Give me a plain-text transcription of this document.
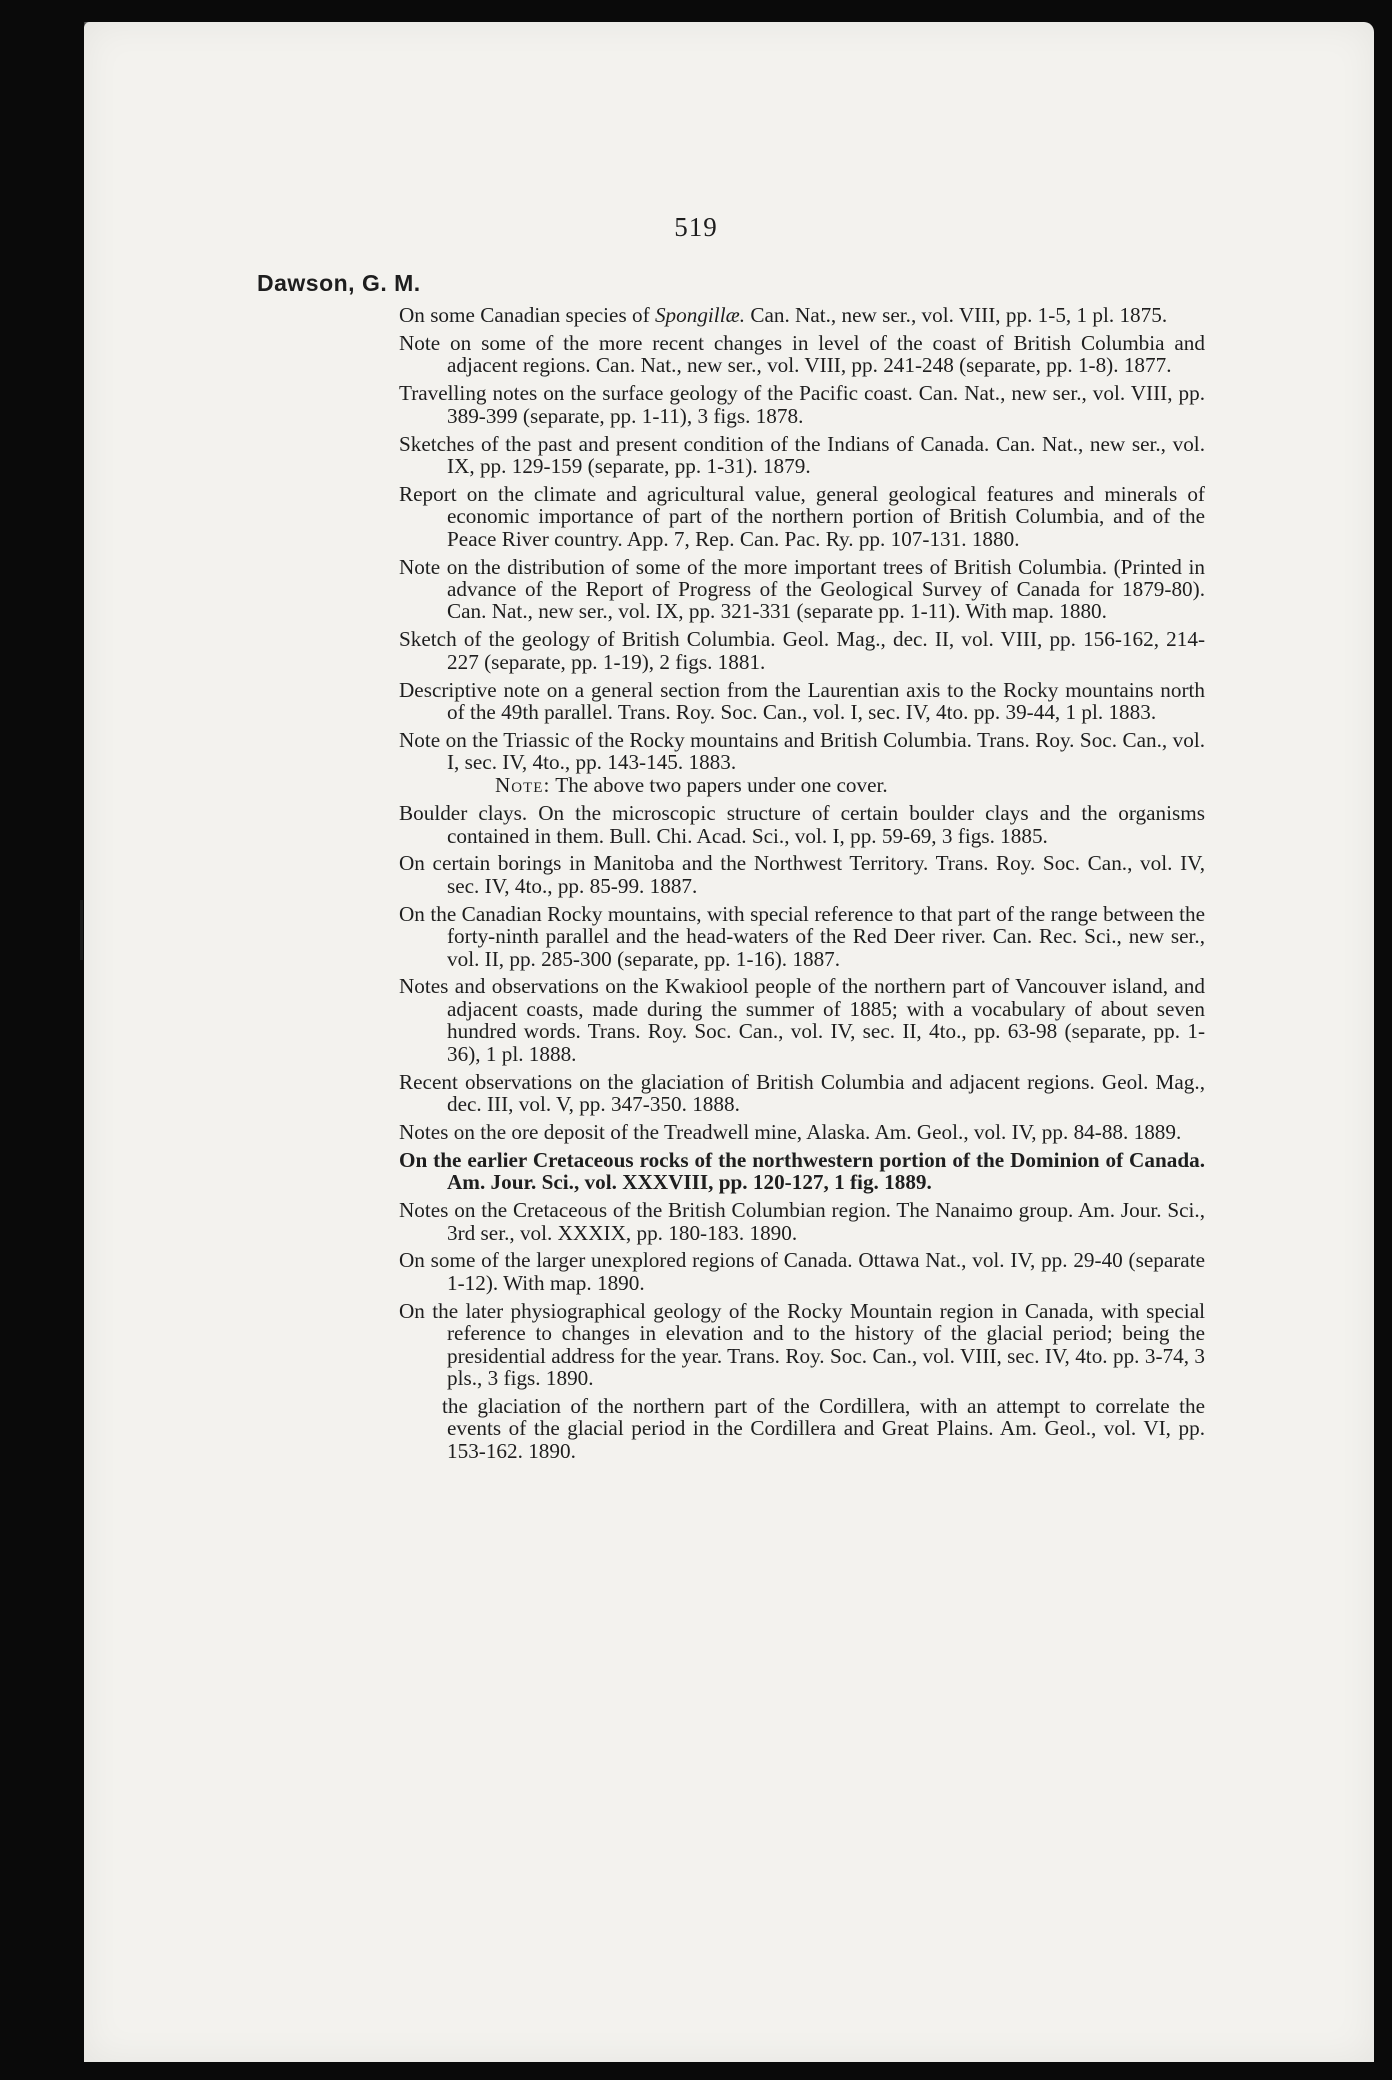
519
Dawson, G. M.
On some Canadian species of Spongillæ. Can. Nat., new ser., vol. VIII, pp. 1-5, 1 pl. 1875.
Note on some of the more recent changes in level of the coast of British Columbia and adjacent regions. Can. Nat., new ser., vol. VIII, pp. 241-248 (separate, pp. 1-8). 1877.
Travelling notes on the surface geology of the Pacific coast. Can. Nat., new ser., vol. VIII, pp. 389-399 (separate, pp. 1-11), 3 figs. 1878.
Sketches of the past and present condition of the Indians of Canada. Can. Nat., new ser., vol. IX, pp. 129-159 (separate, pp. 1-31). 1879.
Report on the climate and agricultural value, general geological features and minerals of economic importance of part of the northern portion of British Columbia, and of the Peace River country. App. 7, Rep. Can. Pac. Ry. pp. 107-131. 1880.
Note on the distribution of some of the more important trees of British Columbia. (Printed in advance of the Report of Progress of the Geological Survey of Canada for 1879-80). Can. Nat., new ser., vol. IX, pp. 321-331 (separate pp. 1-11). With map. 1880.
Sketch of the geology of British Columbia. Geol. Mag., dec. II, vol. VIII, pp. 156-162, 214-227 (separate, pp. 1-19), 2 figs. 1881.
Descriptive note on a general section from the Laurentian axis to the Rocky mountains north of the 49th parallel. Trans. Roy. Soc. Can., vol. I, sec. IV, 4to. pp. 39-44, 1 pl. 1883.
Note on the Triassic of the Rocky mountains and British Columbia. Trans. Roy. Soc. Can., vol. I, sec. IV, 4to., pp. 143-145. 1883.
Note: The above two papers under one cover.
Boulder clays. On the microscopic structure of certain boulder clays and the organisms contained in them. Bull. Chi. Acad. Sci., vol. I, pp. 59-69, 3 figs. 1885.
On certain borings in Manitoba and the Northwest Territory. Trans. Roy. Soc. Can., vol. IV, sec. IV, 4to., pp. 85-99. 1887.
On the Canadian Rocky mountains, with special reference to that part of the range between the forty-ninth parallel and the head-waters of the Red Deer river. Can. Rec. Sci., new ser., vol. II, pp. 285-300 (separate, pp. 1-16). 1887.
Notes and observations on the Kwakiool people of the northern part of Vancouver island, and adjacent coasts, made during the summer of 1885; with a vocabulary of about seven hundred words. Trans. Roy. Soc. Can., vol. IV, sec. II, 4to., pp. 63-98 (separate, pp. 1-36), 1 pl. 1888.
Recent observations on the glaciation of British Columbia and adjacent regions. Geol. Mag., dec. III, vol. V, pp. 347-350. 1888.
Notes on the ore deposit of the Treadwell mine, Alaska. Am. Geol., vol. IV, pp. 84-88. 1889.
On the earlier Cretaceous rocks of the northwestern portion of the Dominion of Canada. Am. Jour. Sci., vol. XXXVIII, pp. 120-127, 1 fig. 1889.
Notes on the Cretaceous of the British Columbian region. The Nanaimo group. Am. Jour. Sci., 3rd ser., vol. XXXIX, pp. 180-183. 1890.
On some of the larger unexplored regions of Canada. Ottawa Nat., vol. IV, pp. 29-40 (separate 1-12). With map. 1890.
On the later physiographical geology of the Rocky Mountain region in Canada, with special reference to changes in elevation and to the history of the glacial period; being the presidential address for the year. Trans. Roy. Soc. Can., vol. VIII, sec. IV, 4to. pp. 3-74, 3 pls., 3 figs. 1890.
the glaciation of the northern part of the Cordillera, with an attempt to correlate the events of the glacial period in the Cordillera and Great Plains. Am. Geol., vol. VI, pp. 153-162. 1890.
